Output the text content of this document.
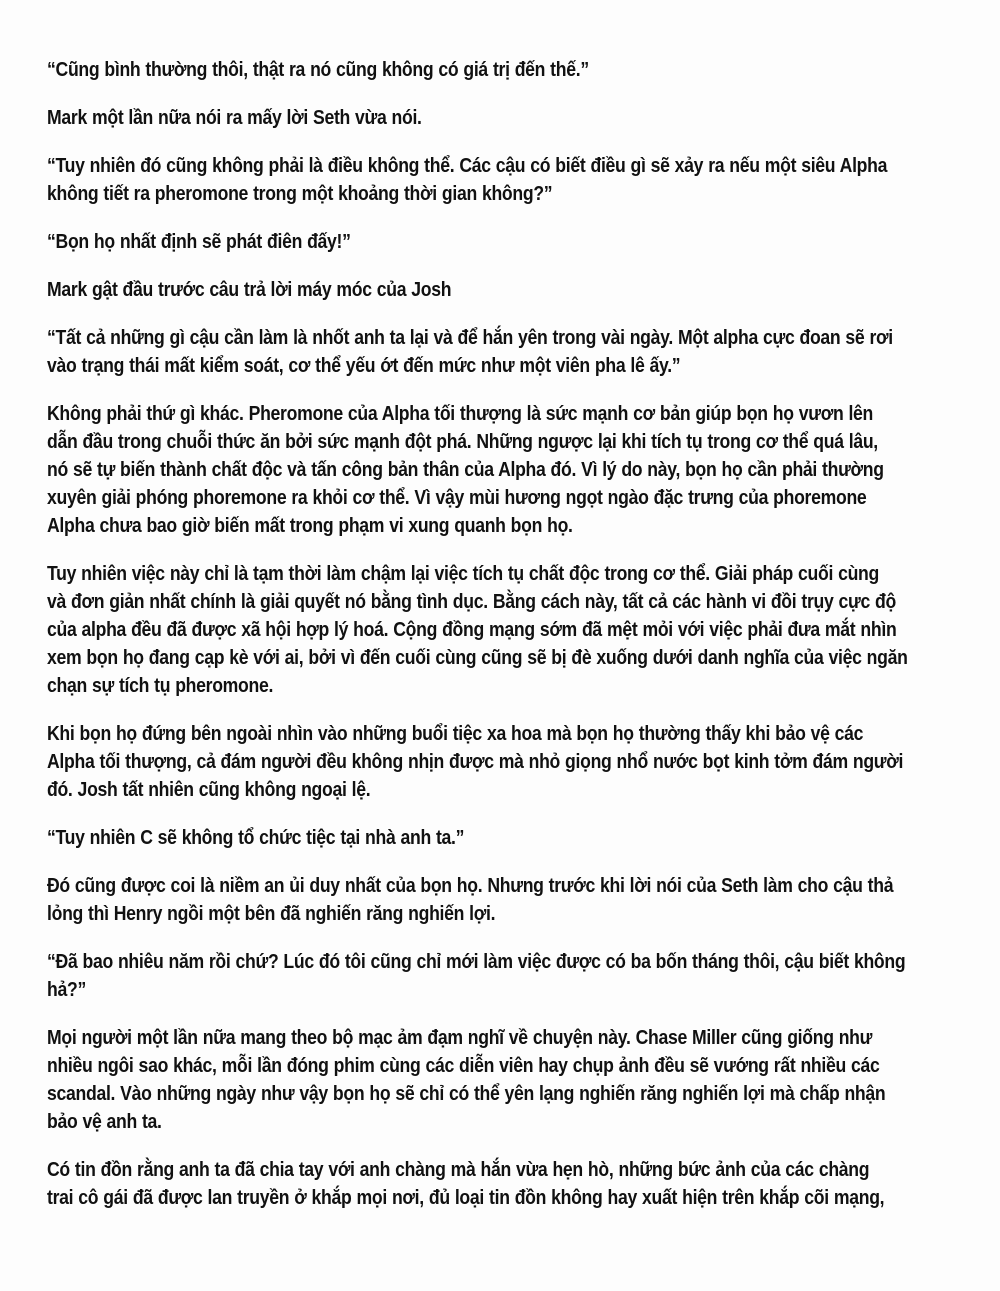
“Cũng bình thường thôi, thật ra nó cũng không có giá trị đến thế.”

Mark một lần nữa nói ra mấy lời Seth vừa nói.

“Tuy nhiên đó cũng không phải là điều không thể. Các cậu có biết điều gì sẽ xảy ra nếu một siêu Alpha
không tiết ra pheromone trong một khoảng thời gian không?”

“Bọn họ nhất định sẽ phát điên đấy!”

Mark gật đầu trước câu trả lời máy móc của Josh

“Tất cả những gì cậu cần làm là nhốt anh ta lại và để hắn yên trong vài ngày. Một alpha cực đoan sẽ rơi
vào trạng thái mất kiểm soát, cơ thể yếu ớt đến mức như một viên pha lê ấy.”

Không phải thứ gì khác. Pheromone của Alpha tối thượng là sức mạnh cơ bản giúp bọn họ vươn lên
dẫn đầu trong chuỗi thức ăn bởi sức mạnh đột phá. Những ngược lại khi tích tụ trong cơ thể quá lâu,
nó sẽ tự biến thành chất độc và tấn công bản thân của Alpha đó. Vì lý do này, bọn họ cần phải thường
xuyên giải phóng phoremone ra khỏi cơ thể. Vì vậy mùi hương ngọt ngào đặc trưng của phoremone
Alpha chưa bao giờ biến mất trong phạm vi xung quanh bọn họ.

Tuy nhiên việc này chỉ là tạm thời làm chậm lại việc tích tụ chất độc trong cơ thể. Giải pháp cuối cùng
và đơn giản nhất chính là giải quyết nó bằng tình dục. Bằng cách này, tất cả các hành vi đồi trụy cực độ
của alpha đều đã được xã hội hợp lý hoá. Cộng đồng mạng sớm đã mệt mỏi với việc phải đưa mắt nhìn
xem bọn họ đang cạp kè với ai, bởi vì đến cuối cùng cũng sẽ bị đè xuống dưới danh nghĩa của việc ngăn
chạn sự tích tụ pheromone.

Khi bọn họ đứng bên ngoài nhìn vào những buổi tiệc xa hoa mà bọn họ thường thấy khi bảo vệ các
Alpha tối thượng, cả đám người đều không nhịn được mà nhỏ giọng nhổ nước bọt kinh tởm đám người
đó. Josh tất nhiên cũng không ngoại lệ.

“Tuy nhiên C sẽ không tổ chức tiệc tại nhà anh ta.”

Đó cũng được coi là niềm an ủi duy nhất của bọn họ. Nhưng trước khi lời nói của Seth làm cho cậu thả
lỏng thì Henry ngồi một bên đã nghiến răng nghiến lợi.

“Đã bao nhiêu năm rồi chứ? Lúc đó tôi cũng chỉ mới làm việc được có ba bốn tháng thôi, cậu biết không
hả?”

Mọi người một lần nữa mang theo bộ mạc ảm đạm nghĩ về chuyện này. Chase Miller cũng giống như
nhiều ngôi sao khác, mỗi lần đóng phim cùng các diễn viên hay chụp ảnh đều sẽ vướng rất nhiều các
scandal. Vào những ngày như vậy bọn họ sẽ chỉ có thể yên lạng nghiến răng nghiến lợi mà chấp nhận
bảo vệ anh ta.

Có tin đồn rằng anh ta đã chia tay với anh chàng mà hắn vừa hẹn hò, những bức ảnh của các chàng
trai cô gái đã được lan truyền ở khắp mọi nơi, đủ loại tin đồn không hay xuất hiện trên khắp cõi mạng,
